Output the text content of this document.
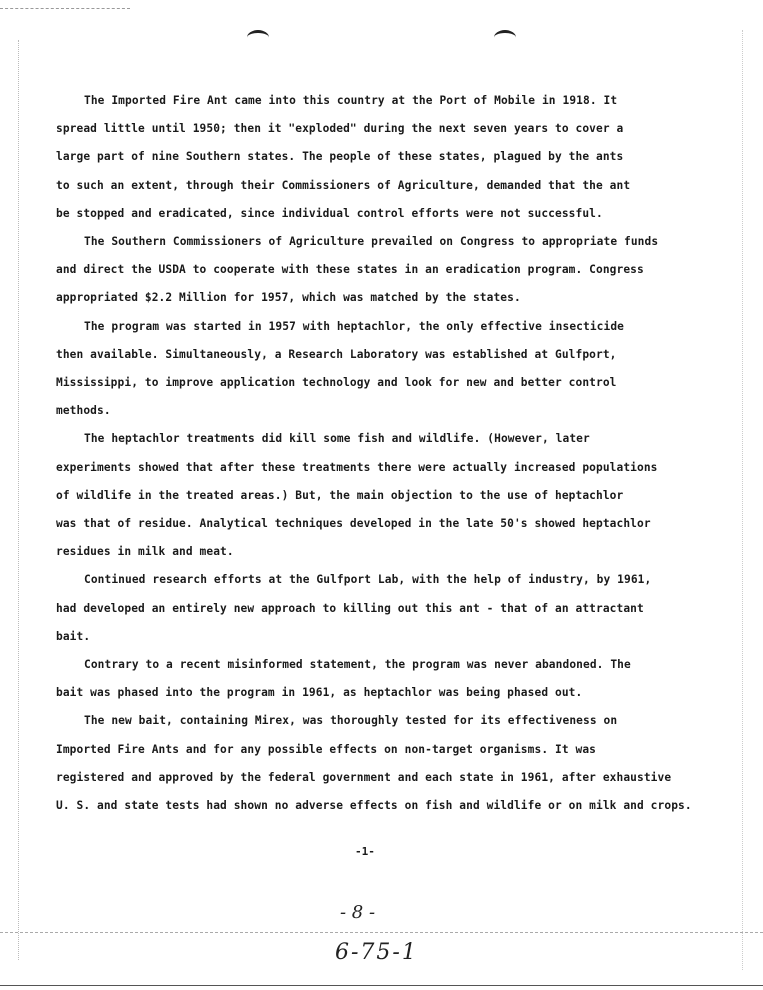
The Imported Fire Ant came into this country at the Port of Mobile in 1918. It
spread little until 1950; then it "exploded" during the next seven years to cover a
large part of nine Southern states. The people of these states, plagued by the ants
to such an extent, through their Commissioners of Agriculture, demanded that the ant
be stopped and eradicated, since individual control efforts were not successful.

The Southern Commissioners of Agriculture prevailed on Congress to appropriate funds
and direct the USDA to cooperate with these states in an eradication program. Congress
appropriated $2.2 Million for 1957, which was matched by the states.

The program was started in 1957 with heptachlor, the only effective insecticide
then available. Simultaneously, a Research Laboratory was established at Gulfport,
Mississippi, to improve application technology and look for new and better control
methods.

The heptachlor treatments did kill some fish and wildlife. (However, later
experiments showed that after these treatments there were actually increased populations
of wildlife in the treated areas.) But, the main objection to the use of heptachlor
was that of residue. Analytical techniques developed in the late 50's showed heptachlor
residues in milk and meat.

Continued research efforts at the Gulfport Lab, with the help of industry, by 1961,
had developed an entirely new approach to killing out this ant - that of an attractant
bait.

Contrary to a recent misinformed statement, the program was never abandoned. The
bait was phased into the program in 1961, as heptachlor was being phased out.

The new bait, containing Mirex, was thoroughly tested for its effectiveness on
Imported Fire Ants and for any possible effects on non-target organisms. It was
registered and approved by the federal government and each state in 1961, after exhaustive
U. S. and state tests had shown no adverse effects on fish and wildlife or on milk and crops.

-1-
- 8 -
6-75-1
